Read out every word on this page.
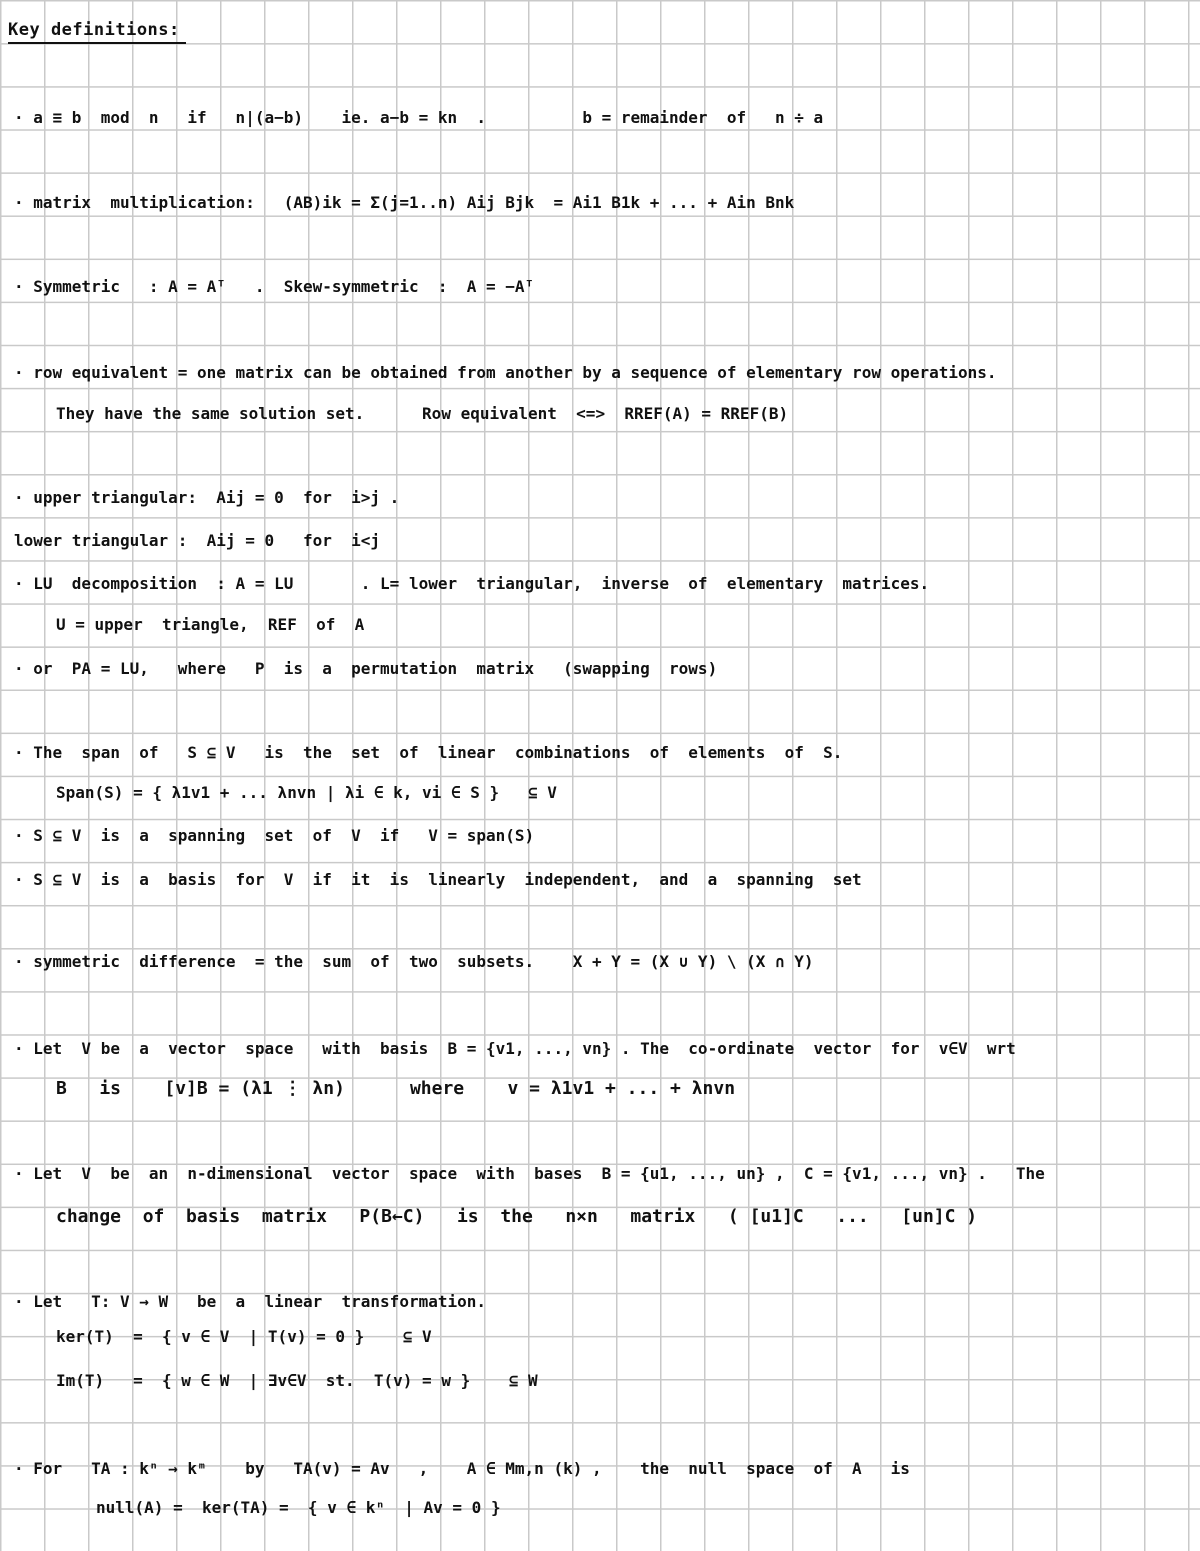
Key definitions:
· a ≡ b  mod  n   if   n|(a−b)    ie. a−b = kn  .          b = remainder  of   n ÷ a
· matrix  multiplication:   (AB)ik = Σ(j=1..n) Aij Bjk  = Ai1 B1k + ... + Ain Bnk
· Symmetric   : A = Aᵀ   .  Skew-symmetric  :  A = −Aᵀ
· row equivalent = one matrix can be obtained from another by a sequence of elementary row operations.
They have the same solution set.      Row equivalent  <=>  RREF(A) = RREF(B)
· upper triangular:  Aij = 0  for  i>j .
lower triangular :  Aij = 0   for  i<j
· LU  decomposition  : A = LU       . L= lower  triangular,  inverse  of  elementary  matrices.
U = upper  triangle,  REF  of  A
· or  PA = LU,   where   P  is  a  permutation  matrix   (swapping  rows)
· The  span  of   S ⊆ V   is  the  set  of  linear  combinations  of  elements  of  S.
Span(S) = { λ1v1 + ... λnvn | λi ∈ k, vi ∈ S }   ⊆ V
· S ⊆ V  is  a  spanning  set  of  V  if   V = span(S)
· S ⊆ V  is  a  basis  for  V  if  it  is  linearly  independent,  and  a  spanning  set
· symmetric  difference  = the  sum  of  two  subsets.    X + Y = (X ∪ Y) \ (X ∩ Y)
· Let  V be  a  vector  space   with  basis  B = {v1, ..., vn} . The  co-ordinate  vector  for  v∈V  wrt
B   is    [v]B = (λ1 ⋮ λn)      where    v = λ1v1 + ... + λnvn
· Let  V  be  an  n-dimensional  vector  space  with  bases  B = {u1, ..., un} ,  C = {v1, ..., vn} .   The
change  of  basis  matrix   P(B←C)   is  the   n×n   matrix   ( [u1]C   ...   [un]C )
· Let   T: V → W   be  a  linear  transformation.
ker(T)  =  { v ∈ V  | T(v) = 0 }    ⊆ V
Im(T)   =  { w ∈ W  | ∃v∈V  st.  T(v) = w }    ⊆ W
· For   TA : kⁿ → kᵐ    by   TA(v) = Av   ,    A ∈ Mm,n (k) ,    the  null  space  of  A   is
null(A) =  ker(TA) =  { v ∈ kⁿ  | Av = 0 }
